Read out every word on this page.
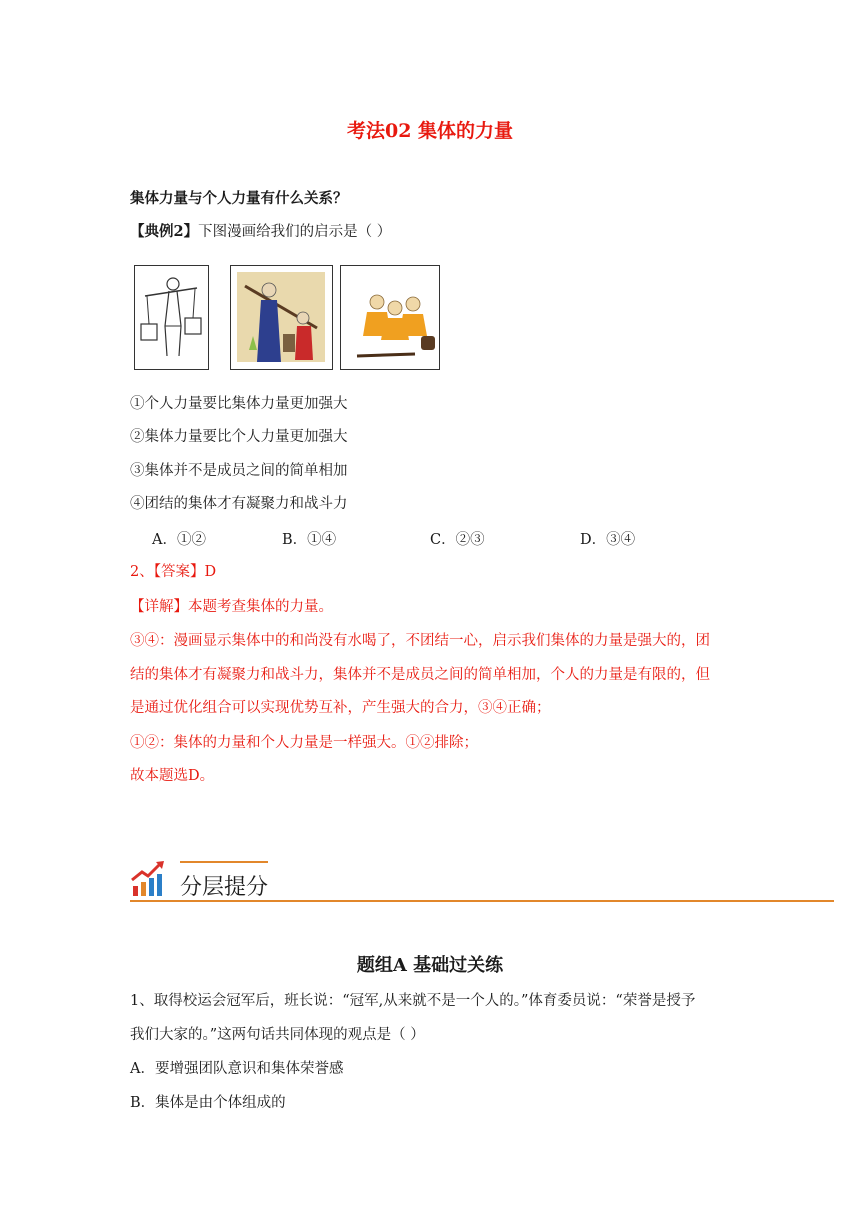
考法02 集体的力量
集体力量与个人力量有什么关系？
【典例2】下图漫画给我们的启示是（ ）
①个人力量要比集体力量更加强大
②集体力量要比个人力量更加强大
③集体并不是成员之间的简单相加
④团结的集体才有凝聚力和战斗力
A．①②	B．①④	C．②③	D．③④
2、【答案】D
【详解】本题考查集体的力量。
③④：漫画显示集体中的和尚没有水喝了，不团结一心，启示我们集体的力量是强大的，团
结的集体才有凝聚力和战斗力，集体并不是成员之间的简单相加，个人的力量是有限的，但
是通过优化组合可以实现优势互补，产生强大的合力，③④正确；
①②：集体的力量和个人力量是一样强大。①②排除；
故本题选D。
分层提分
题组A 基础过关练
1、取得校运会冠军后，班长说：“冠军,从来就不是一个人的。”体育委员说：“荣誉是授予
我们大家的。”这两句话共同体现的观点是（ ）
A．要增强团队意识和集体荣誉感
B．集体是由个体组成的
